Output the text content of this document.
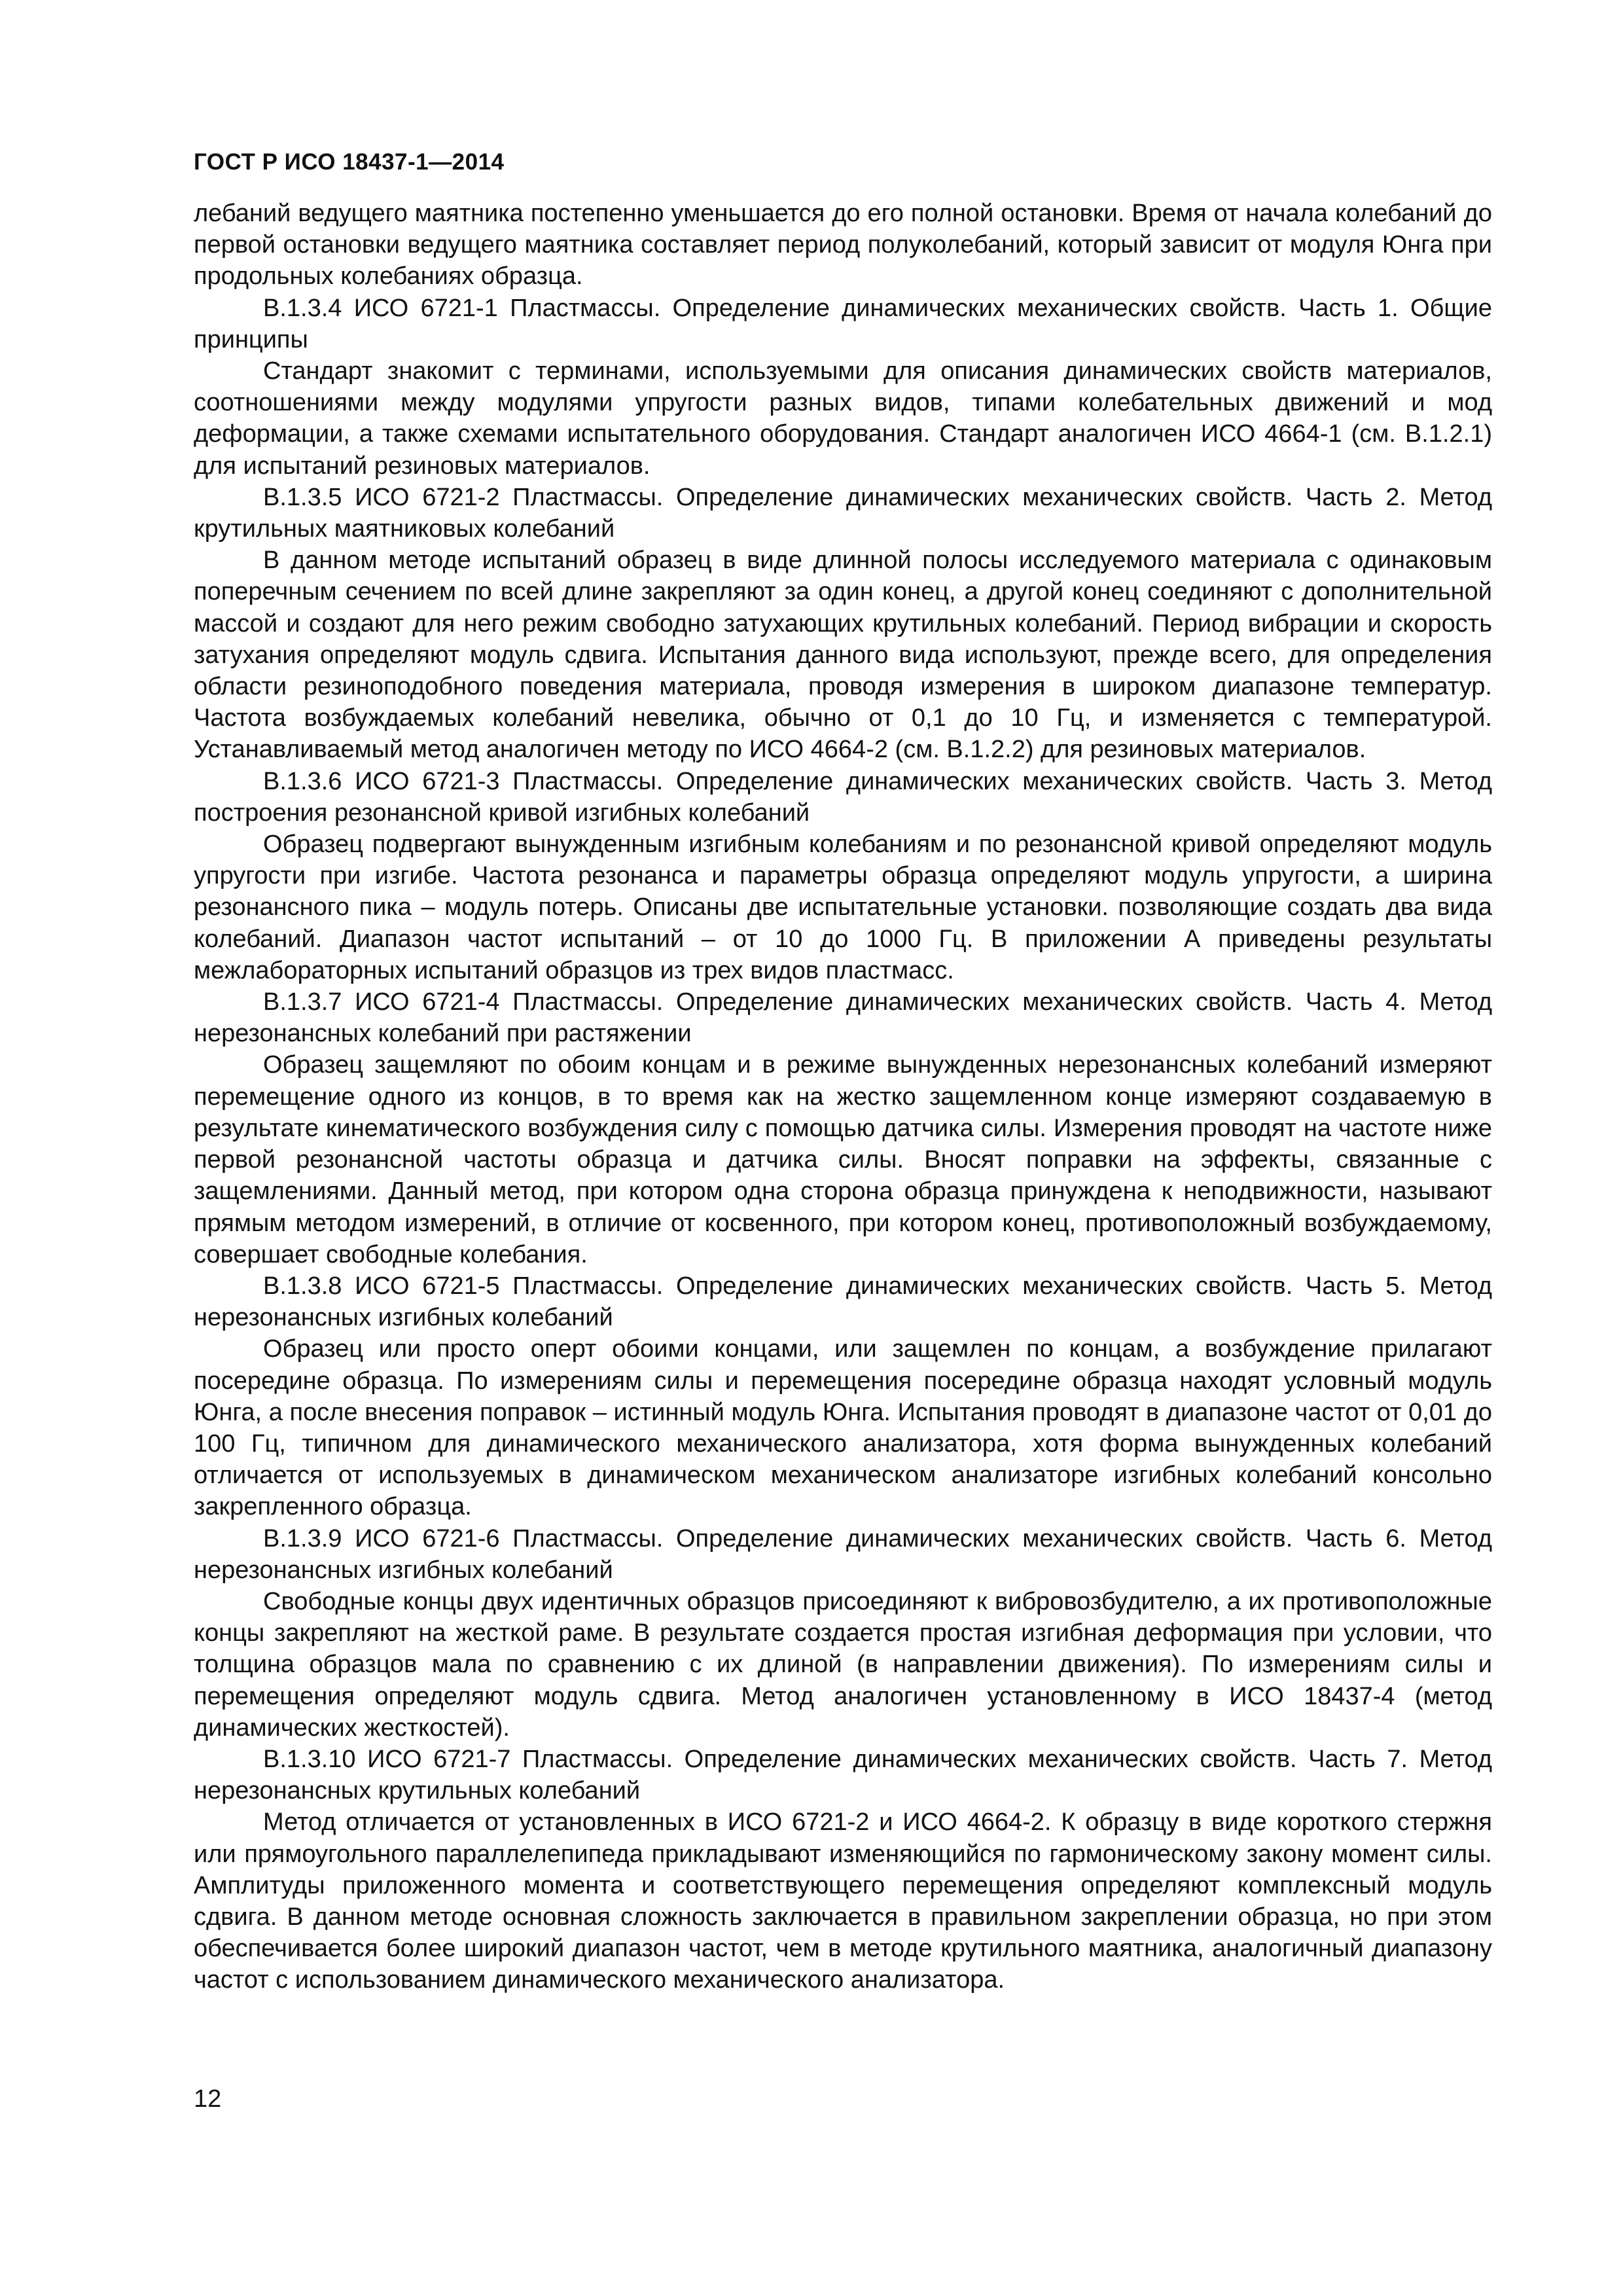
ГОСТ Р ИСО 18437-1—2014

лебаний ведущего маятника постепенно уменьшается до его полной остановки. Время от начала колебаний до первой остановки ведущего маятника составляет период полуколебаний, который зависит от модуля Юнга при продольных колебаниях образца.

В.1.3.4 ИСО 6721-1 Пластмассы. Определение динамических механических свойств. Часть 1. Общие принципы

Стандарт знакомит с терминами, используемыми для описания динамических свойств материалов, соотношениями между модулями упругости разных видов, типами колебательных движений и мод деформации, а также схемами испытательного оборудования. Стандарт аналогичен ИСО 4664-1 (см. В.1.2.1) для испытаний резиновых материалов.

В.1.3.5 ИСО 6721-2 Пластмассы. Определение динамических механических свойств. Часть 2. Метод крутильных маятниковых колебаний

В данном методе испытаний образец в виде длинной полосы исследуемого материала с одинаковым поперечным сечением по всей длине закрепляют за один конец, а другой конец соединяют с дополнительной массой и создают для него режим свободно затухающих крутильных колебаний. Период вибрации и скорость затухания определяют модуль сдвига. Испытания данного вида используют, прежде всего, для определения области резиноподобного поведения материала, проводя измерения в широком диапазоне температур. Частота возбуждаемых колебаний невелика, обычно от 0,1 до 10 Гц, и изменяется с температурой. Устанавливаемый метод аналогичен методу по ИСО 4664-2 (см. В.1.2.2) для резиновых материалов.

В.1.3.6 ИСО 6721-3 Пластмассы. Определение динамических механических свойств. Часть 3. Метод построения резонансной кривой изгибных колебаний

Образец подвергают вынужденным изгибным колебаниям и по резонансной кривой определяют модуль упругости при изгибе. Частота резонанса и параметры образца определяют модуль упругости, а ширина резонансного пика – модуль потерь. Описаны две испытательные установки. позволяющие создать два вида колебаний. Диапазон частот испытаний – от 10 до 1000 Гц. В приложении А приведены результаты межлабораторных испытаний образцов из трех видов пластмасс.

В.1.3.7 ИСО 6721-4 Пластмассы. Определение динамических механических свойств. Часть 4. Метод нерезонансных колебаний при растяжении

Образец защемляют по обоим концам и в режиме вынужденных нерезонансных колебаний измеряют перемещение одного из концов, в то время как на жестко защемленном конце измеряют создаваемую в результате кинематического возбуждения силу с помощью датчика силы. Измерения проводят на частоте ниже первой резонансной частоты образца и датчика силы. Вносят поправки на эффекты, связанные с защемлениями. Данный метод, при котором одна сторона образца принуждена к неподвижности, называют прямым методом измерений, в отличие от косвенного, при котором конец, противоположный возбуждаемому, совершает свободные колебания.

В.1.3.8 ИСО 6721-5 Пластмассы. Определение динамических механических свойств. Часть 5. Метод нерезонансных изгибных колебаний

Образец или просто оперт обоими концами, или защемлен по концам, а возбуждение прилагают посередине образца. По измерениям силы и перемещения посередине образца находят условный модуль Юнга, а после внесения поправок – истинный модуль Юнга. Испытания проводят в диапазоне частот от 0,01 до 100 Гц, типичном для динамического механического анализатора, хотя форма вынужденных колебаний отличается от используемых в динамическом механическом анализаторе изгибных колебаний консольно закрепленного образца.

В.1.3.9 ИСО 6721-6 Пластмассы. Определение динамических механических свойств. Часть 6. Метод нерезонансных изгибных колебаний

Свободные концы двух идентичных образцов присоединяют к вибровозбудителю, а их противоположные концы закрепляют на жесткой раме. В результате создается простая изгибная деформация при условии, что толщина образцов мала по сравнению с их длиной (в направлении движения). По измерениям силы и перемещения определяют модуль сдвига. Метод аналогичен установленному в ИСО 18437-4 (метод динамических жесткостей).

В.1.3.10 ИСО 6721-7 Пластмассы. Определение динамических механических свойств. Часть 7. Метод нерезонансных крутильных колебаний

Метод отличается от установленных в ИСО 6721-2 и ИСО 4664-2. К образцу в виде короткого стержня или прямоугольного параллелепипеда прикладывают изменяющийся по гармоническому закону момент силы. Амплитуды приложенного момента и соответствующего перемещения определяют комплексный модуль сдвига. В данном методе основная сложность заключается в правильном закреплении образца, но при этом обеспечивается более широкий диапазон частот, чем в методе крутильного маятника, аналогичный диапазону частот с использованием динамического механического анализатора.

12
